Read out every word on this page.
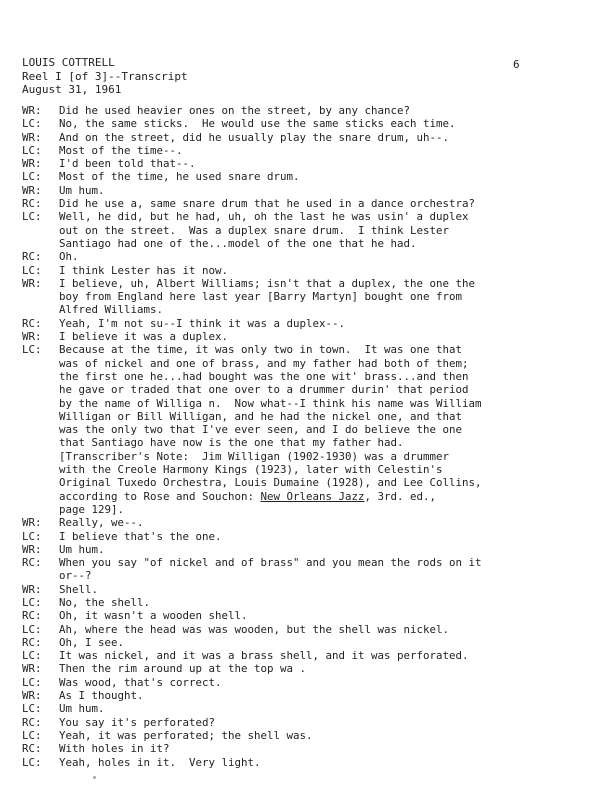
LOUIS COTTRELL
Reel I [of 3]--Transcript
August 31, 1961
6
WR:	Did he used heavier ones on the street, by any chance?
LC:	No, the same sticks.  He would use the same sticks each time.
WR:	And on the street, did he usually play the snare drum, uh--.
LC:	Most of the time--.
WR:	I'd been told that--.
LC:	Most of the time, he used snare drum.
WR:	Um hum.
RC:	Did he use a, same snare drum that he used in a dance orchestra?
LC:	Well, he did, but he had, uh, oh the last he was usin' a duplex
out on the street.  Was a duplex snare drum.  I think Lester
Santiago had one of the...model of the one that he had.
RC:	Oh.
LC:	I think Lester has it now.
WR:	I believe, uh, Albert Williams; isn't that a duplex, the one the
boy from England here last year [Barry Martyn] bought one from
Alfred Williams.
RC:	Yeah, I'm not su--I think it was a duplex--.
WR:	I believe it was a duplex.
LC:	Because at the time, it was only two in town.  It was one that
was of nickel and one of brass, and my father had both of them;
the first one he...had bought was the one wit' brass...and then
he gave or traded that one over to a drummer durin' that period
by the name of Williga n.  Now what--I think his name was William
Willigan or Bill Willigan, and he had the nickel one, and that
was the only two that I've ever seen, and I do believe the one
that Santiago have now is the one that my father had.
[Transcriber's Note:  Jim Willigan (1902-1930) was a drummer
with the Creole Harmony Kings (1923), later with Celestin's
Original Tuxedo Orchestra, Louis Dumaine (1928), and Lee Collins,
according to Rose and Souchon: New Orleans Jazz, 3rd. ed.,
page 129].
WR:	Really, we--.
LC:	I believe that's the one.
WR:	Um hum.
RC:	When you say "of nickel and of brass" and you mean the rods on it
or--?
WR:	Shell.
LC:	No, the shell.
RC:	Oh, it wasn't a wooden shell.
LC:	Ah, where the head was was wooden, but the shell was nickel.
RC:	Oh, I see.
LC:	It was nickel, and it was a brass shell, and it was perforated.
WR:	Then the rim around up at the top wa .
LC:	Was wood, that's correct.
WR:	As I thought.
LC:	Um hum.
RC:	You say it's perforated?
LC:	Yeah, it was perforated; the shell was.
RC:	With holes in it?
LC:	Yeah, holes in it.  Very light.
